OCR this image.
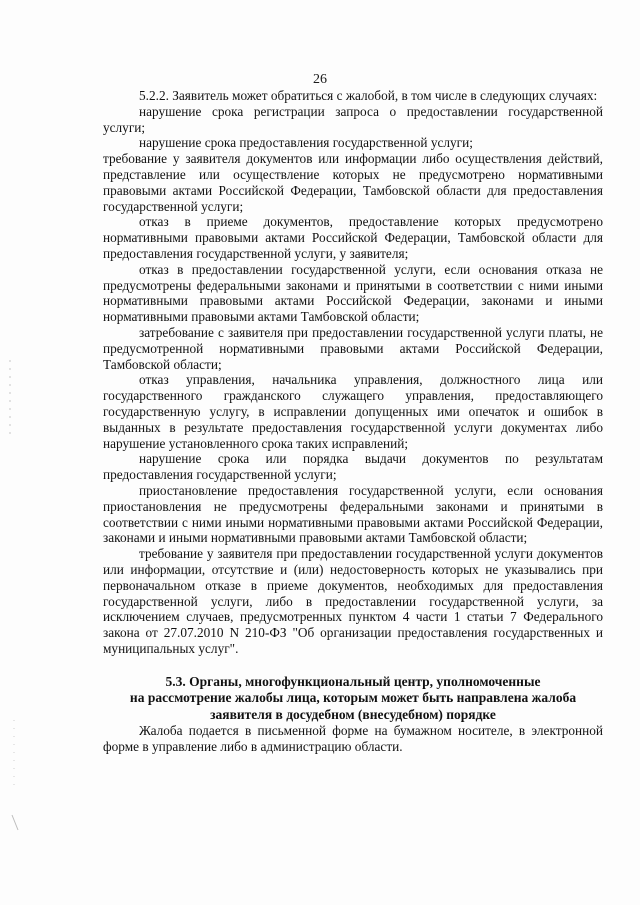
26

5.2.2. Заявитель может обратиться с жалобой, в том числе в следующих случаях:

нарушение срока регистрации запроса о предоставлении государственной услуги;

нарушение срока предоставления государственной услуги;

требование у заявителя документов или информации либо осуществления действий, представление или осуществление которых не предусмотрено нормативными правовыми актами Российской Федерации, Тамбовской области для предоставления государственной услуги;

отказ в приеме документов, предоставление которых предусмотрено нормативными правовыми актами Российской Федерации, Тамбовской области для предоставления государственной услуги, у заявителя;

отказ в предоставлении государственной услуги, если основания отказа не предусмотрены федеральными законами и принятыми в соответствии с ними иными нормативными правовыми актами Российской Федерации, законами и иными нормативными правовыми актами Тамбовской области;

затребование с заявителя при предоставлении государственной услуги платы, не предусмотренной нормативными правовыми актами Российской Федерации, Тамбовской области;

отказ управления, начальника управления, должностного лица или государственного гражданского служащего управления, предоставляющего государственную услугу, в исправлении допущенных ими опечаток и ошибок в выданных в результате предоставления государственной услуги документах либо нарушение установленного срока таких исправлений;

нарушение срока или порядка выдачи документов по результатам предоставления государственной услуги;

приостановление предоставления государственной услуги, если основания приостановления не предусмотрены федеральными законами и принятыми в соответствии с ними иными нормативными правовыми актами Российской Федерации, законами и иными нормативными правовыми актами Тамбовской области;

требование у заявителя при предоставлении государственной услуги документов или информации, отсутствие и (или) недостоверность которых не указывались при первоначальном отказе в приеме документов, необходимых для предоставления государственной услуги, либо в предоставлении государственной услуги, за исключением случаев, предусмотренных пунктом 4 части 1 статьи 7 Федерального закона от 27.07.2010 N 210-ФЗ "Об организации предоставления государственных и муниципальных услуг".

5.3. Органы, многофункциональный центр, уполномоченные
на рассмотрение жалобы лица, которым может быть направлена жалоба
заявителя в досудебном (внесудебном) порядке

Жалоба подается в письменной форме на бумажном носителе, в электронной форме в управление либо в администрацию области.
